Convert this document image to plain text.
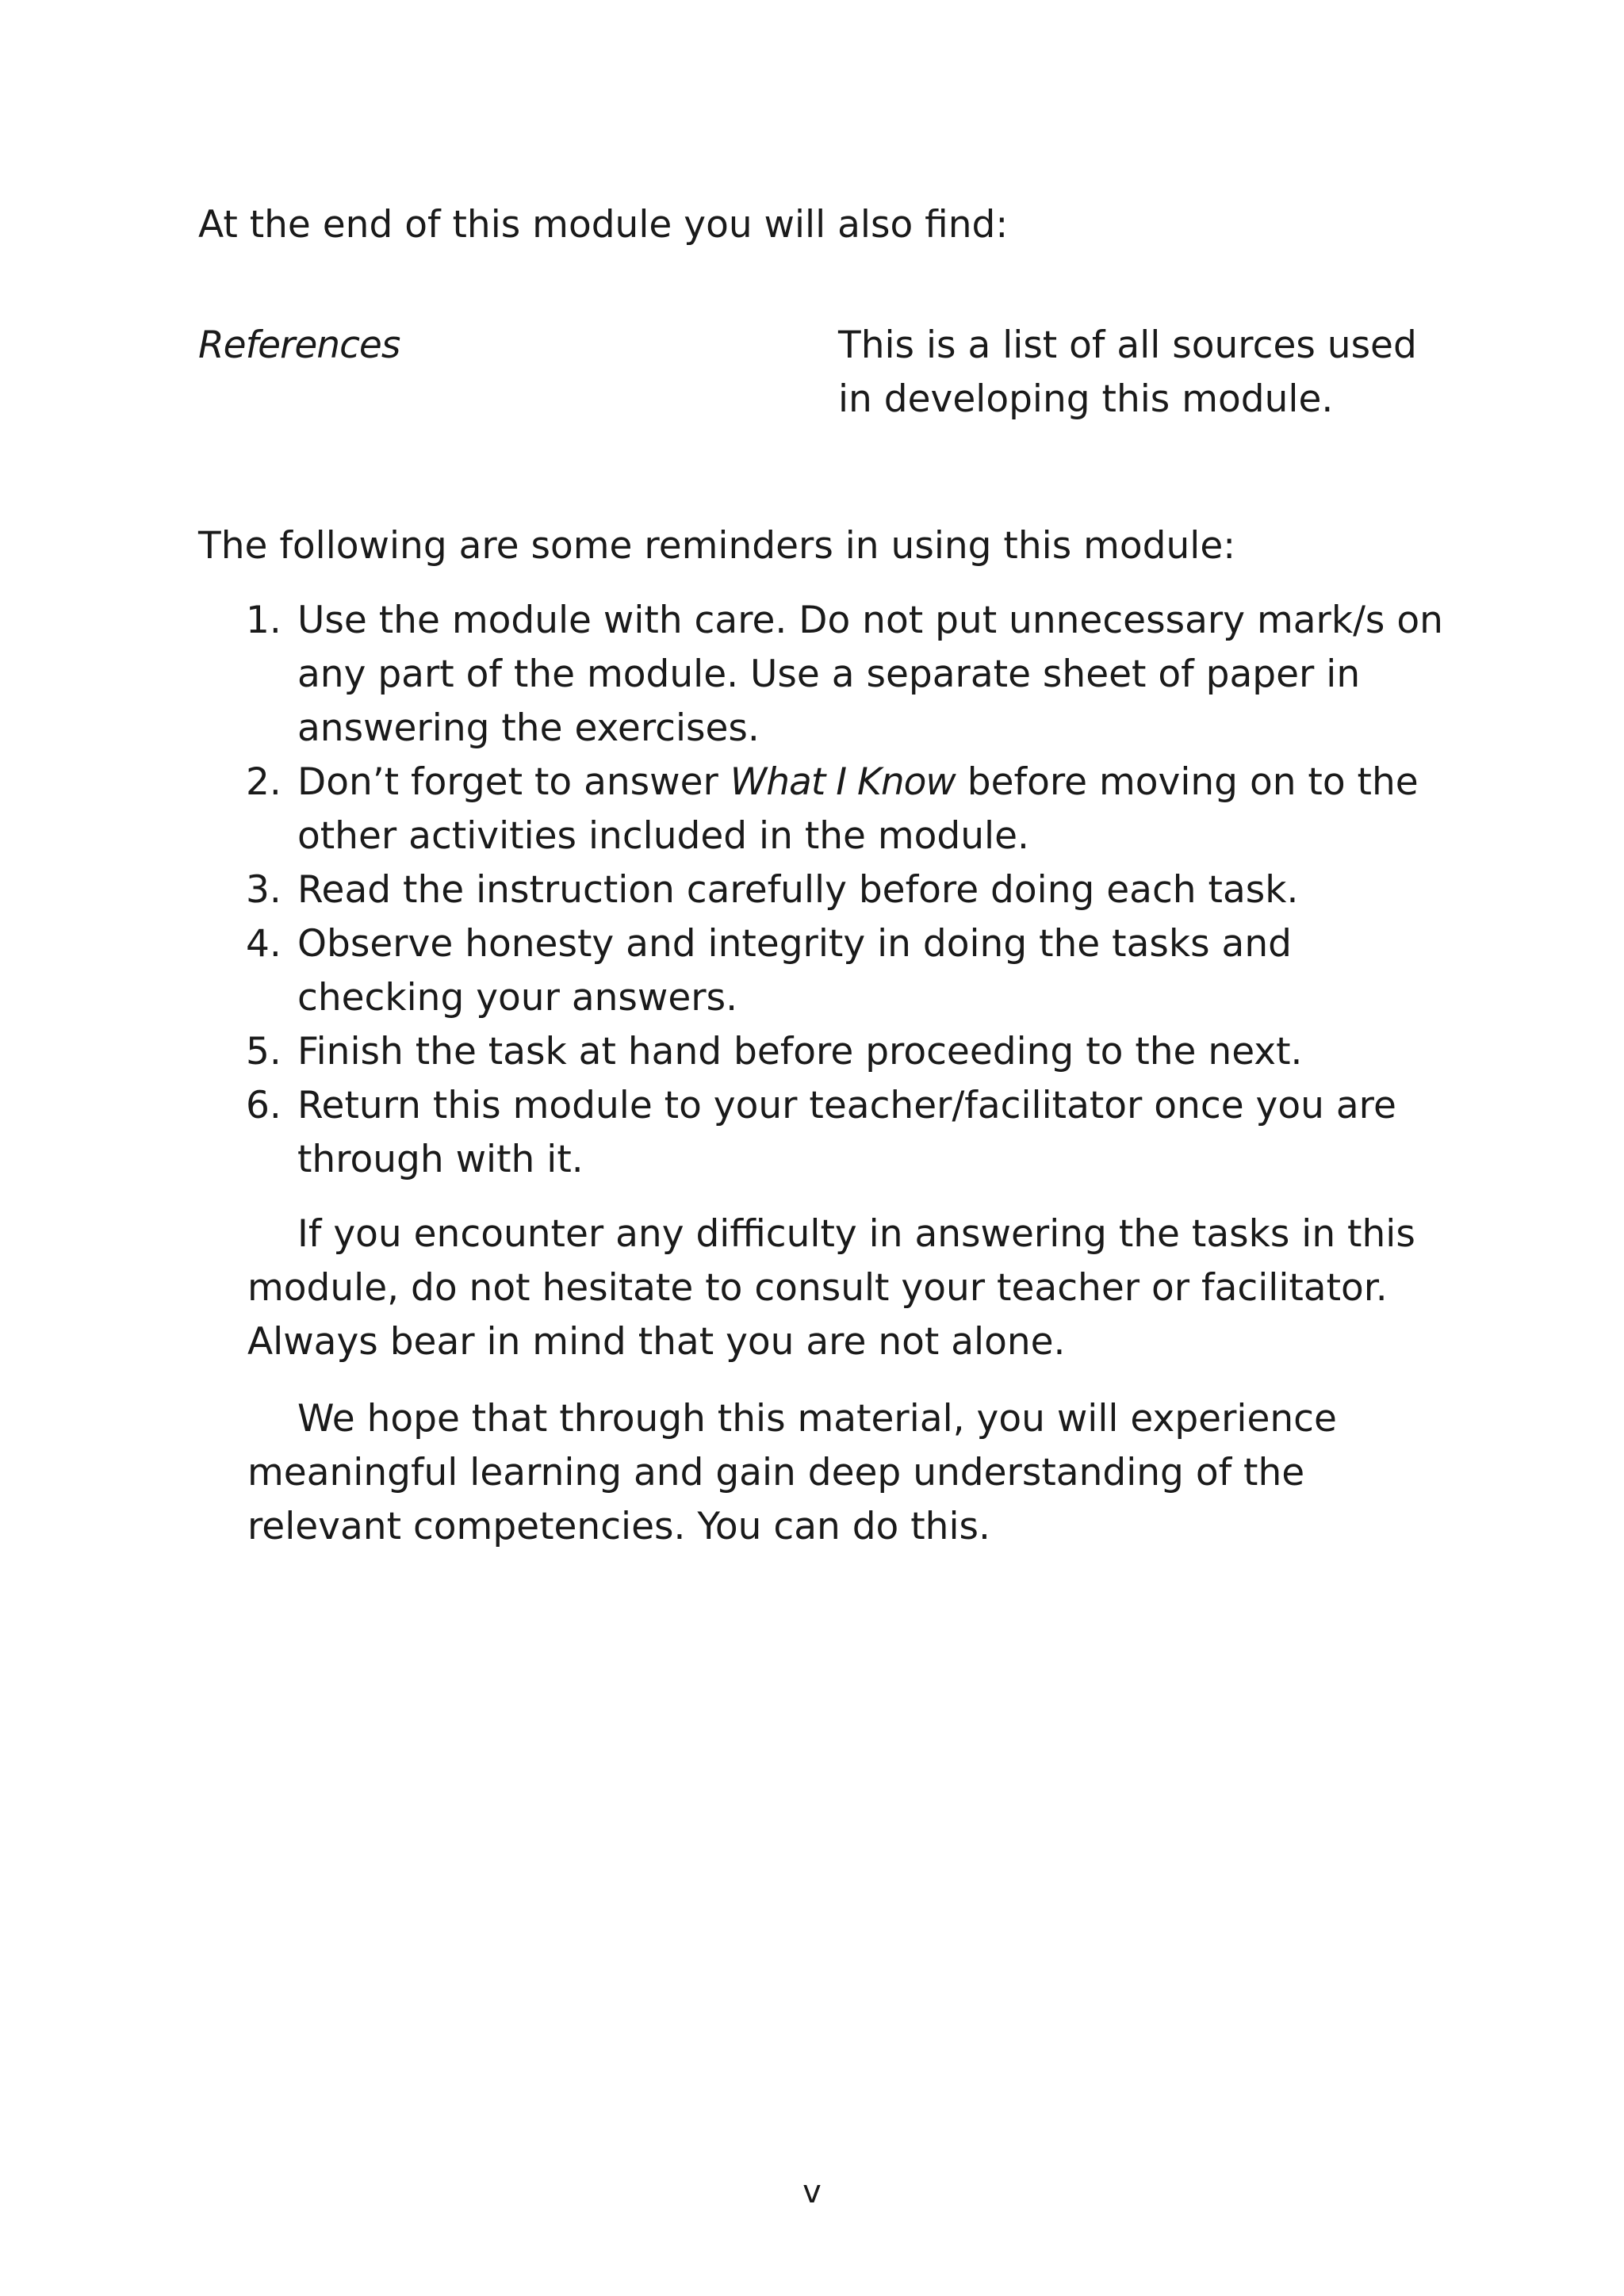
At the end of this module you will also find:

References	This is a list of all sources used in developing this module.

The following are some reminders in using this module:

1. Use the module with care. Do not put unnecessary mark/s on any part of the module. Use a separate sheet of paper in answering the exercises.
2. Don’t forget to answer What I Know before moving on to the other activities included in the module.
3. Read the instruction carefully before doing each task.
4. Observe honesty and integrity in doing the tasks and checking your answers.
5. Finish the task at hand before proceeding to the next.
6. Return this module to your teacher/facilitator once you are through with it.

If you encounter any difficulty in answering the tasks in this module, do not hesitate to consult your teacher or facilitator. Always bear in mind that you are not alone.

We hope that through this material, you will experience meaningful learning and gain deep understanding of the relevant competencies. You can do this.

v
